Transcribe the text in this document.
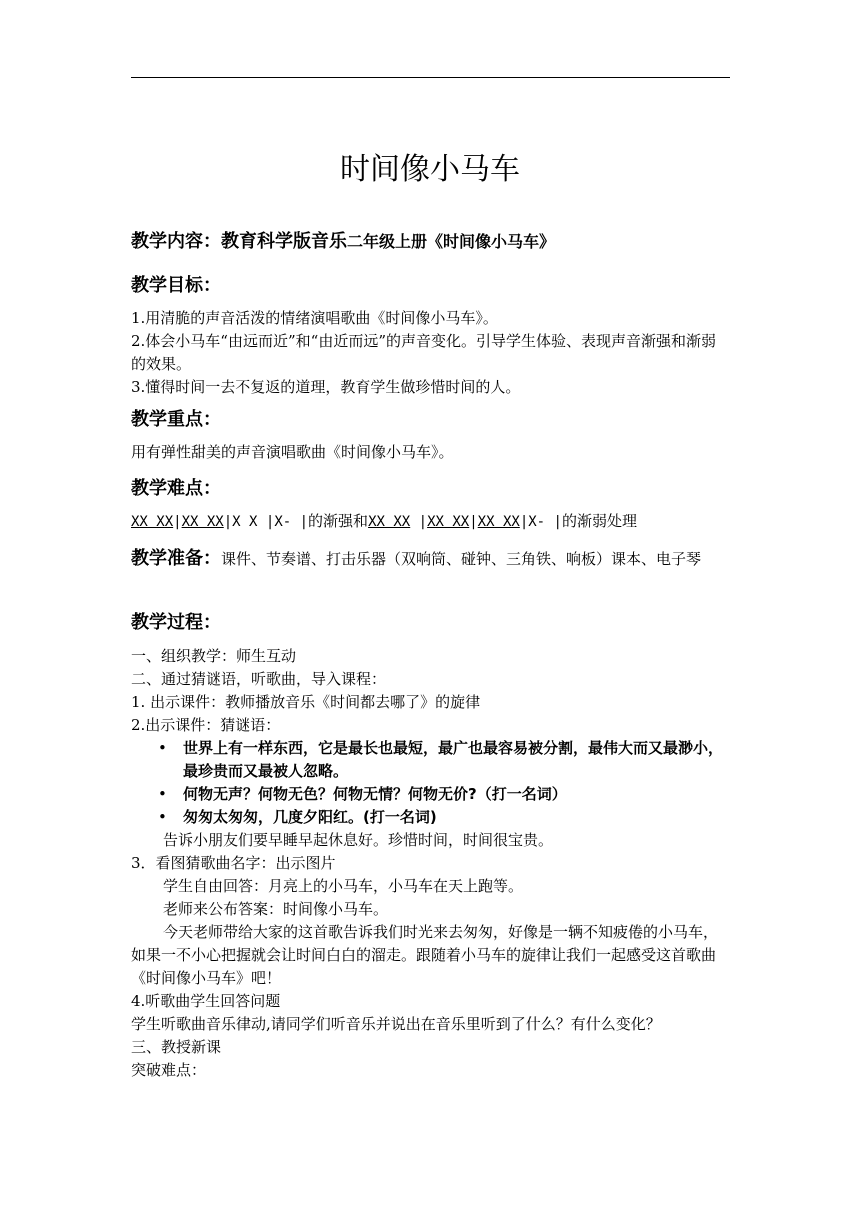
时间像小马车

教学内容：教育科学版音乐二年级上册《时间像小马车》

教学目标：

1.用清脆的声音活泼的情绪演唱歌曲《时间像小马车》。

2.体会小马车“由远而近”和“由近而远”的声音变化。引导学生体验、表现声音渐强和渐弱的效果。

3.懂得时间一去不复返的道理，教育学生做珍惜时间的人。

教学重点：

用有弹性甜美的声音演唱歌曲《时间像小马车》。

教学难点：

XX XX|XX XX|X X |X- |的渐强和XX XX |XX XX|XX XX|X- |的渐弱处理

教学准备：课件、节奏谱、打击乐器（双响筒、碰钟、三角铁、响板）课本、电子琴

教学过程：

一、组织教学：师生互动

二、通过猜谜语，听歌曲，导入课程：

1. 出示课件：教师播放音乐《时间都去哪了》的旋律

2.出示课件：猜谜语：

• 世界上有一样东西，它是最长也最短，最广也最容易被分割，最伟大而又最渺小，最珍贵而又最被人忽略。
• 何物无声？何物无色？何物无情？何物无价?（打一名词）
• 匆匆太匆匆，几度夕阳红。(打一名词)

告诉小朋友们要早睡早起休息好。珍惜时间，时间很宝贵。

3．看图猜歌曲名字：出示图片

学生自由回答：月亮上的小马车，小马车在天上跑等。

老师来公布答案：时间像小马车。

今天老师带给大家的这首歌告诉我们时光来去匆匆，好像是一辆不知疲倦的小马车，如果一不小心把握就会让时间白白的溜走。跟随着小马车的旋律让我们一起感受这首歌曲《时间像小马车》吧！

4.听歌曲学生回答问题

学生听歌曲音乐律动,请同学们听音乐并说出在音乐里听到了什么？有什么变化？

三、教授新课

突破难点：
